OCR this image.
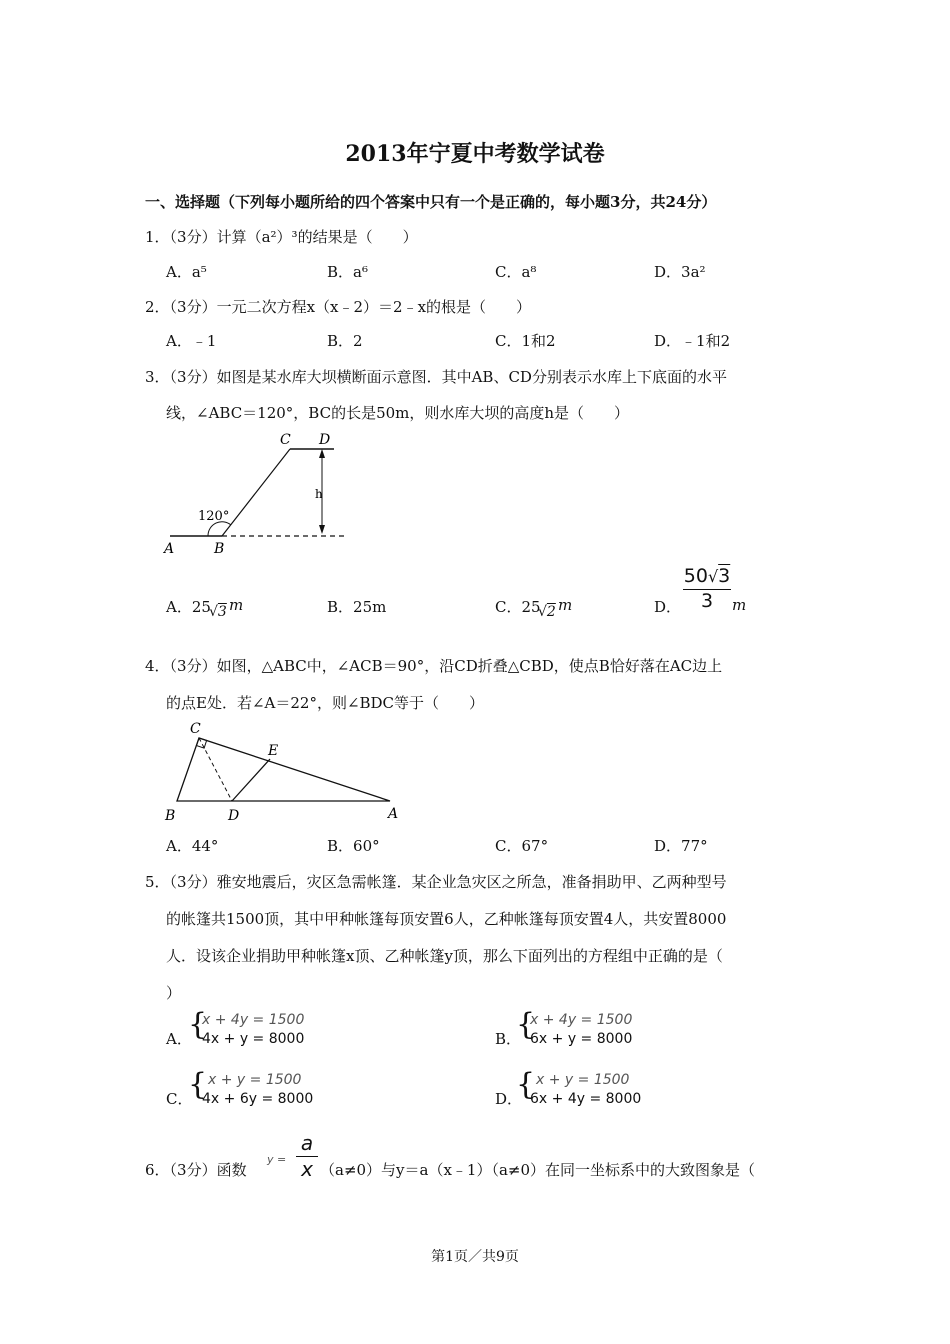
2013年宁夏中考数学试卷
一、选择题（下列每小题所给的四个答案中只有一个是正确的，每小题3分，共24分）
1．（3分）计算（a²）³的结果是（　　）
A．a⁵	B．a⁶	C．a⁸	D．3a²
2．（3分）一元二次方程x（x﹣2）＝2﹣x的根是（　　）
A．﹣1	B．2	C．1和2	D．﹣1和2
3．（3分）如图是某水库大坝横断面示意图．其中AB、CD分别表示水库上下底面的水平
线，∠ABC＝120°，BC的长是50m，则水库大坝的高度h是（　　）
120°
h
A	B
C D
A．25
√3 m	B．25m	C．25
√2 m	D． $\frac{50√3}{3}$ m
4．（3分）如图，△ABC中，∠ACB＝90°，沿CD折叠△CBD，使点B恰好落在AC边上
的点E处．若∠A＝22°，则∠BDC等于（　　）
C
E
B	D	A
A．44°	B．60°	C．67°	D．77°
5．（3分）雅安地震后，灾区急需帐篷．某企业急灾区之所急，准备捐助甲、乙两种型号
的帐篷共1500顶，其中甲种帐篷每顶安置6人，乙种帐篷每顶安置4人，共安置8000
人．设该企业捐助甲种帐篷x顶、乙种帐篷y顶，那么下面列出的方程组中正确的是（
）
A．
{
x + 4y = 1500
4x + y = 8000	B．
{
x + 4y = 1500
6x + y = 8000
C．
{ x + y = 1500
4x + 6y = 8000	D．
{ x + y = 1500
6x + 4y = 8000
6．（3分）函数
$y = \frac{a}{x} (a\ne 0)$与y＝a（x﹣1）（a≠0）在同一坐标系中的大致图象是（
第1页／共9页
